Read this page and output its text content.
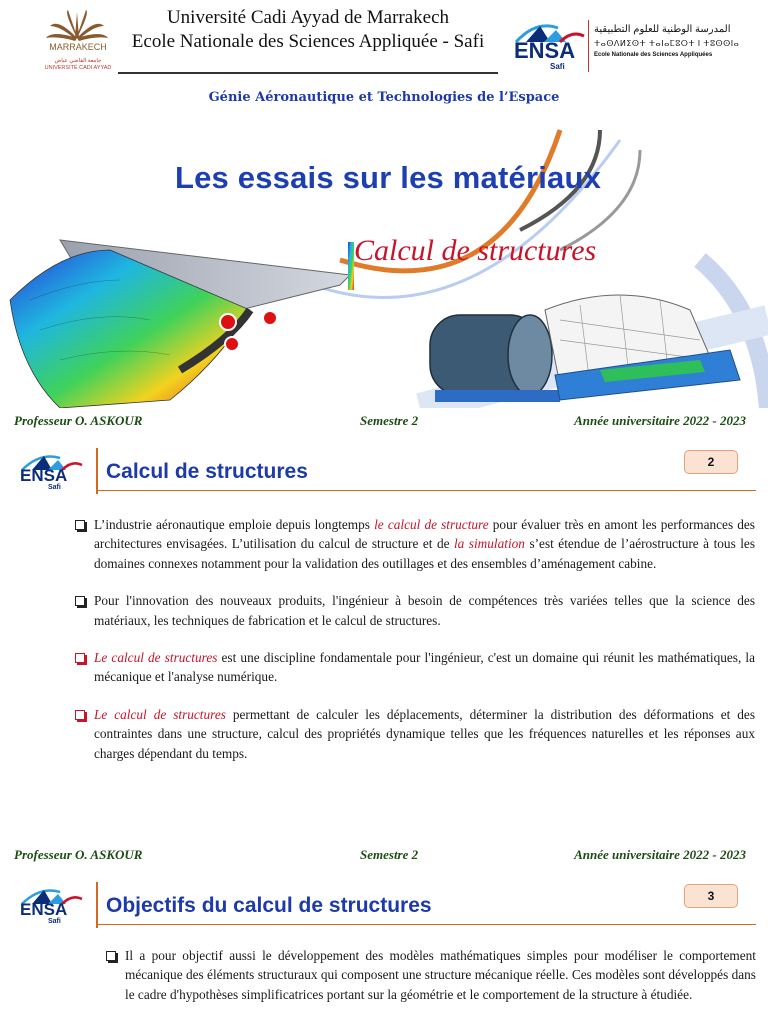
MARRAKECH
جامعة القاضي عياض UNIVERSITÉ CADI AYYAD
Université Cadi Ayyad de Marrakech
Ecole Nationale des Sciences Appliquée - Safi	ENSA
Safi
المدرسة الوطنية للعلوم التطبيقية
ⵜⴰⵙⴷⵍⵉⵙⵜ ⵜⴰⵏⴰⵎⵓⵔⵜ ⵏ ⵜⵓⵙⵙⵏⴰ
Ecole Nationale des Sciences Appliquées
Génie Aéronautique et Technologies de l’Espace
Les essais sur les matériaux
Calcul de structures
Professeur O. ASKOUR	Semestre 2	Année universitaire 2022 - 2023
ENSA
Safi
Calcul de structures	2
L’industrie aéronautique emploie depuis longtemps le calcul de structure pour évaluer très en amont les performances des architectures envisagées. L’utilisation du calcul de structure et de la simulation s’est étendue de l’aérostructure à tous les domaines connexes notamment pour la validation des outillages et des ensembles d’aménagement cabine.
Pour l'innovation des nouveaux produits, l'ingénieur à besoin de compétences très variées telles que la science des matériaux, les techniques de fabrication et le calcul de structures.
Le calcul de structures est une discipline fondamentale pour l'ingénieur, c'est un domaine qui réunit les mathématiques, la mécanique et l'analyse numérique.
Le calcul de structures permettant de calculer les déplacements, déterminer la distribution des déformations et des contraintes dans une structure, calcul des propriétés dynamique telles que les fréquences naturelles et les réponses aux charges dépendant du temps.
Professeur O. ASKOUR	Semestre 2	Année universitaire 2022 - 2023
ENSA
Safi
Objectifs du calcul de structures	3
Il a pour objectif aussi le développement des modèles mathématiques simples pour modéliser le comportement mécanique des éléments structuraux qui composent une structure mécanique réelle. Ces modèles sont développés dans le cadre d'hypothèses simplificatrices portant sur la géométrie et le comportement de la structure à étudiée.
